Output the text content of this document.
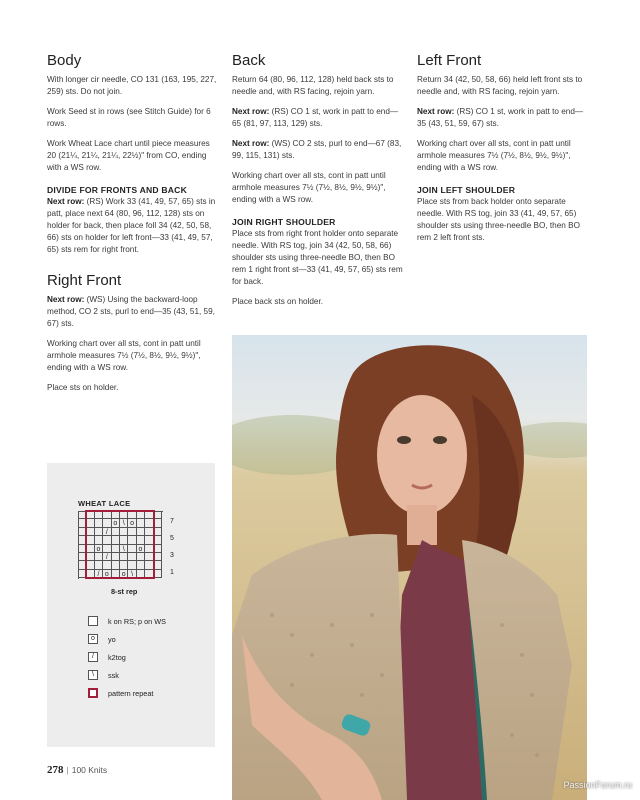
Body

With longer cir needle, CO 131 (163, 195, 227, 259) sts. Do not join.

Work Seed st in rows (see Stitch Guide) for 6 rows.

Work Wheat Lace chart until piece measures 20 (21¼, 21¼, 21¼, 22½)" from CO, ending with a WS row.

DIVIDE FOR FRONTS AND BACK

Next row: (RS) Work 33 (41, 49, 57, 65) sts in patt, place next 64 (80, 96, 112, 128) sts on holder for back, then place foll 34 (42, 50, 58, 66) sts on holder for left front—33 (41, 49, 57, 65) sts rem for right front.

Right Front

Next row: (WS) Using the backward-loop method, CO 2 sts, purl to end—35 (43, 51, 59, 67) sts.

Working chart over all sts, cont in patt until armhole measures 7½ (7½, 8½, 9½, 9½)", ending with a WS row.

Place sts on holder.

Back

Return 64 (80, 96, 112, 128) held back sts to needle and, with RS facing, rejoin yarn.

Next row: (RS) CO 1 st, work in patt to end—65 (81, 97, 113, 129) sts.

Next row: (WS) CO 2 sts, purl to end—67 (83, 99, 115, 131) sts.

Working chart over all sts, cont in patt until armhole measures 7½ (7½, 8½, 9½, 9½)", ending with a WS row.

JOIN RIGHT SHOULDER

Place sts from right front holder onto separate needle. With RS tog, join 34 (42, 50, 58, 66) shoulder sts using three-needle BO, then BO rem 1 right front st—33 (41, 49, 57, 65) sts rem for back.

Place back sts on holder.

Left Front

Return 34 (42, 50, 58, 66) held left front sts to needle and, with RS facing, rejoin yarn.

Next row: (RS) CO 1 st, work in patt to end—35 (43, 51, 59, 67) sts.

Working chart over all sts, cont in patt until armhole measures 7½ (7½, 8½, 9½, 9½)", ending with a WS row.

JOIN LEFT SHOULDER

Place sts from back holder onto separate needle. With RS tog, join 33 (41, 49, 57, 65) shoulder sts using three-needle BO, then BO rem 2 left front sts.

WHEAT LACE
o \ o
/
o	\	o
/
/ o	o \
7
5
3
1
8-st rep
k on RS; p on WS
o	yo
/	k2tog
\	ssk
pattern repeat
278 | 100 Knits
PassionForum.ru
